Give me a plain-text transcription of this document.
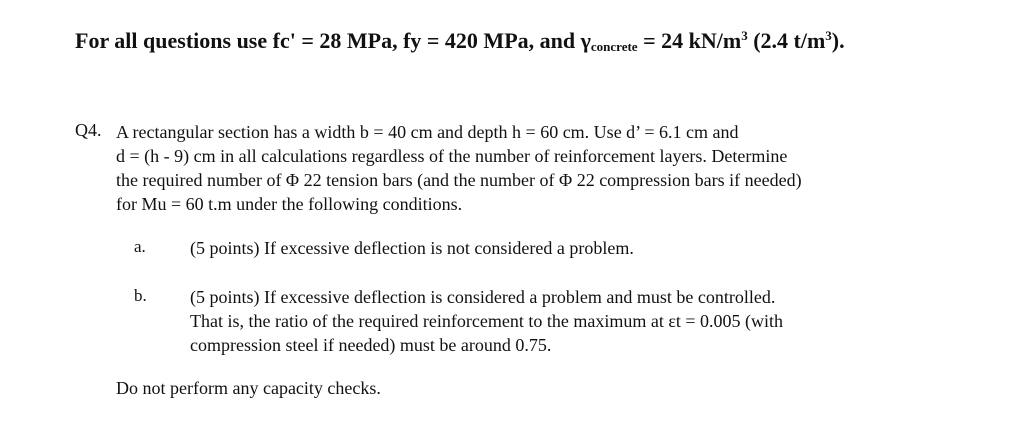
For all questions use fc' = 28 MPa, fy = 420 MPa, and $\gamma_{concrete} = 24$ $kN/m^3$ (2.4 $t/m^3$).
Q4. A rectangular section has a width b = 40 cm and depth h = 60 cm. Use d’ = 6.1 cm and
d = (h - 9) cm in all calculations regardless of the number of reinforcement layers. Determine
the required number of Φ 22 tension bars (and the number of Φ 22 compression bars if needed)
for Mu = 60 t.m under the following conditions.
a. (5 points) If excessive deflection is not considered a problem.
b. (5 points) If excessive deflection is considered a problem and must be controlled.
That is, the ratio of the required reinforcement to the maximum at εt = 0.005 (with
compression steel if needed) must be around 0.75.
Do not perform any capacity checks.
